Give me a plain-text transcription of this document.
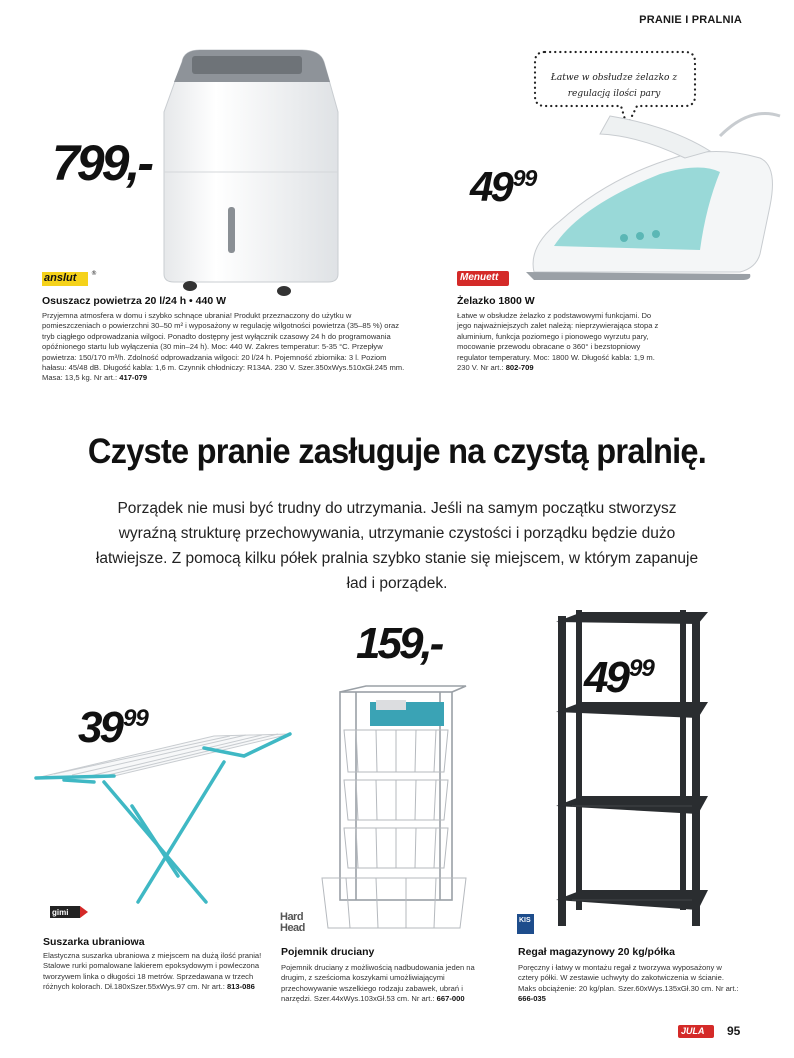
PRANIE I PRALNIA
799,-
anslut ®
Osuszacz powietrza 20 l/24 h • 440 W
Przyjemna atmosfera w domu i szybko schnące ubrania! Produkt przeznaczony do użytku w pomieszczeniach o powierzchni 30–50 m² i wyposażony w regulację wilgotności powietrza (35–85 %) oraz tryb ciągłego odprowadzania wilgoci. Ponadto dostępny jest wyłącznik czasowy 24 h do programowania opóźnionego startu lub wyłączenia (30 min–24 h). Moc: 440 W. Zakres temperatur: 5-35 °C. Przepływ powietrza: 150/170 m³/h. Zdolność odprowadzania wilgoci: 20 l/24 h. Pojemność zbiornika: 3 l. Poziom hałasu: 45/48 dB. Długość kabla: 1,6 m. Czynnik chłodniczy: R134A. 230 V. Szer.350xWys.510xGł.245 mm. Masa: 13,5 kg. Nr art.: 417-079
Łatwe w obsłudze żelazko z regulacją ilości pary
$49^{99}$
Menuett
Żelazko 1800 W
Łatwe w obsłudze żelazko z podstawowymi funkcjami. Do jego najważniejszych zalet należą: nieprzywierająca stopa z aluminium, funkcja poziomego i pionowego wyrzutu pary, mocowanie przewodu obracane o 360° i bezstopniowy regulator temperatury. Moc: 1800 W. Długość kabla: 1,9 m. 230 V. Nr art.: 802-709
Czyste pranie zasługuje na czystą pralnię.
Porządek nie musi być trudny do utrzymania. Jeśli na samym początku stworzysz wyraźną strukturę przechowywania, utrzymanie czystości i porządku będzie dużo łatwiejsze. Z pomocą kilku półek pralnia szybko stanie się miejscem, w którym zapanuje ład i porządek.
$39^{99}$
gimi
Suszarka ubraniowa
Elastyczna suszarka ubraniowa z miejscem na dużą ilość prania! Stalowe rurki pomalowane lakierem epoksydowym i powleczona tworzywem linka o długości 18 metrów. Sprzedawana w trzech różnych kolorach. Dł.180xSzer.55xWys.97 cm. Nr art.: 813-086
159,-
Hard Head
Pojemnik druciany
Pojemnik druciany z możliwością nadbudowania jeden na drugim, z sześcioma koszykami umożliwiającymi przechowywanie wszelkiego rodzaju zabawek, ubrań i narzędzi. Szer.44xWys.103xGł.53 cm. Nr art.: 667-000
$49^{99}$
KIS
Regał magazynowy 20 kg/półka
Poręczny i łatwy w montażu regał z tworzywa wyposażony w cztery półki. W zestawie uchwyty do zakotwiczenia w ścianie. Maks obciążenie: 20 kg/plan. Szer.60xWys.135xGł.30 cm. Nr art.: 666-035
JULA 95
